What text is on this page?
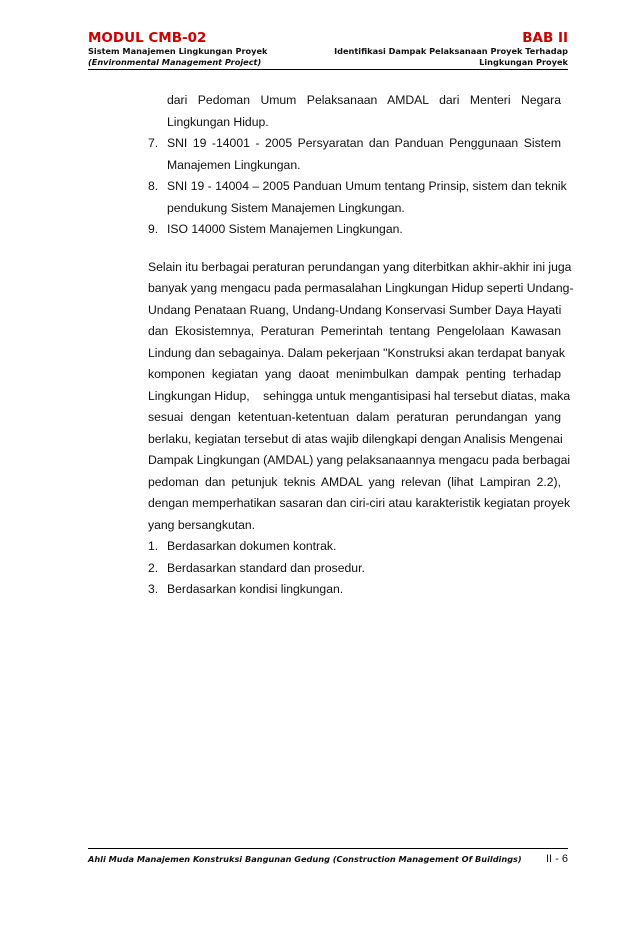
MODUL CMB-02	BAB II
Sistem Manajemen Lingkungan Proyek	Identifikasi Dampak Pelaksanaan Proyek Terhadap
(Environmental Management Project)	Lingkungan Proyek
dari Pedoman Umum Pelaksanaan AMDAL dari Menteri Negara
Lingkungan Hidup.
7. SNI 19 -14001 - 2005 Persyaratan dan Panduan Penggunaan Sistem
Manajemen Lingkungan.
8. SNI 19 - 14004 – 2005 Panduan Umum tentang Prinsip, sistem dan teknik
pendukung Sistem Manajemen Lingkungan.
9. ISO 14000 Sistem Manajemen Lingkungan.
Selain itu berbagai peraturan perundangan yang diterbitkan akhir-akhir ini juga
banyak yang mengacu pada permasalahan Lingkungan Hidup seperti Undang-
Undang Penataan Ruang, Undang-Undang Konservasi Sumber Daya Hayati
dan Ekosistemnya, Peraturan Pemerintah tentang Pengelolaan Kawasan
Lindung dan sebagainya. Dalam pekerjaan "Konstruksi akan terdapat banyak
komponen kegiatan yang daoat menimbulkan dampak penting terhadap
Lingkungan Hidup,    sehingga untuk mengantisipasi hal tersebut diatas, maka
sesuai dengan ketentuan-ketentuan dalam peraturan perundangan yang
berlaku, kegiatan tersebut di atas wajib dilengkapi dengan Analisis Mengenai
Dampak Lingkungan (AMDAL) yang pelaksanaannya mengacu pada berbagai
pedoman dan petunjuk teknis AMDAL yang relevan (lihat Lampiran 2.2),
dengan memperhatikan sasaran dan ciri-ciri atau karakteristik kegiatan proyek
yang bersangkutan.
1. Berdasarkan dokumen kontrak.
2. Berdasarkan standard dan prosedur.
3. Berdasarkan kondisi lingkungan.
Ahli Muda Manajemen Konstruksi Bangunan Gedung (Construction Management Of Buildings) II - 6
